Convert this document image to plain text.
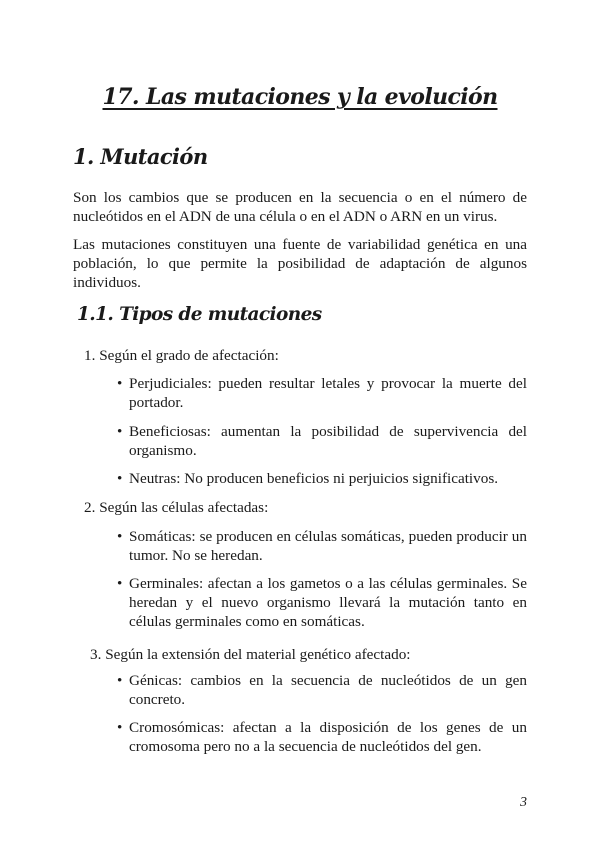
17. Las mutaciones y la evolución
1. Mutación

Son los cambios que se producen en la secuencia o en el número de nucleótidos en el ADN de una célula o en el ADN o ARN en un virus.

Las mutaciones constituyen una fuente de variabilidad genética en una población, lo que permite la posibilidad de adaptación de algunos individuos.

1.1. Tipos de mutaciones

1. Según el grado de afectación:

• Perjudiciales: pueden resultar letales y provocar la muerte del portador.
• Beneficiosas: aumentan la posibilidad de supervivencia del organismo.
• Neutras: No producen beneficios ni perjuicios significativos.

2. Según las células afectadas:

• Somáticas: se producen en células somáticas, pueden producir un tumor. No se heredan.
• Germinales: afectan a los gametos o a las células germinales. Se heredan y el nuevo organismo llevará la mutación tanto en células germinales como en somáticas.

3. Según la extensión del material genético afectado:

• Génicas: cambios en la secuencia de nucleótidos de un gen concreto.
• Cromosómicas: afectan a la disposición de los genes de un cromosoma pero no a la secuencia de nucleótidos del gen.

3
